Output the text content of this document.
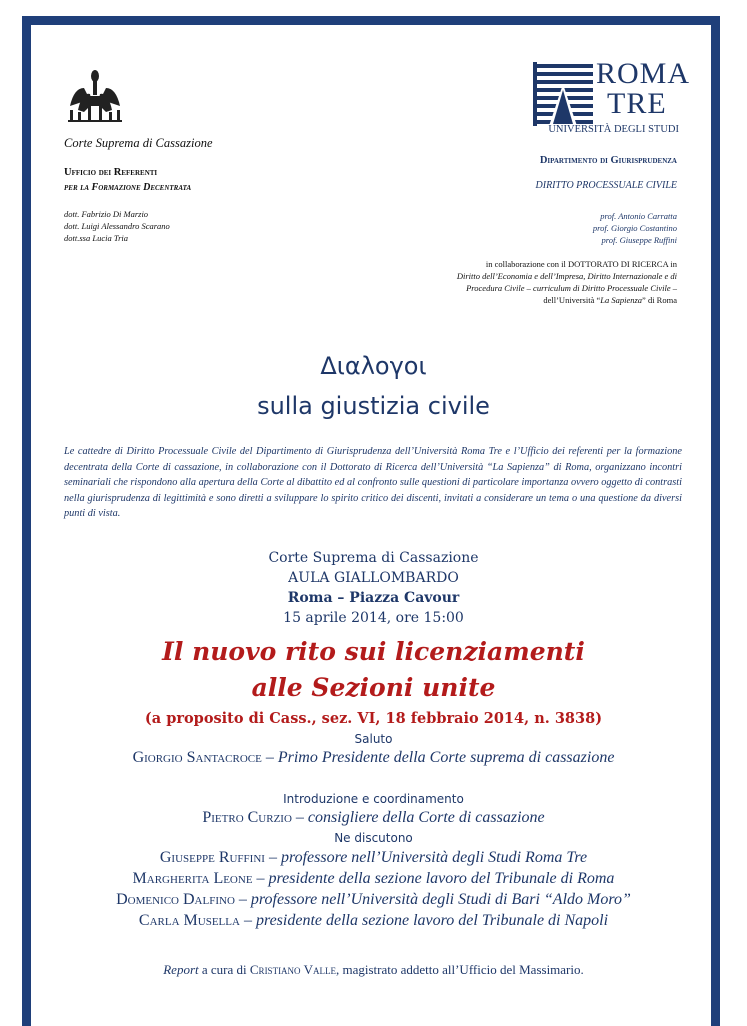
Corte Suprema di Cassazione
Ufficio dei Referenti
per la Formazione Decentrata
dott. Fabrizio Di Marzio
dott. Luigi Alessandro Scarano
dott.ssa Lucia Tria
ROMA
TRE
UNIVERSITÀ DEGLI STUDI
Dipartimento di Giurisprudenza
DIRITTO PROCESSUALE CIVILE
prof. Antonio Carratta
prof. Giorgio Costantino
prof. Giuseppe Ruffini
in collaborazione con il DOTTORATO DI RICERCA in
Diritto dell’Economia e dell’Impresa, Diritto Internazionale e di
Procedura Civile – curriculum di Diritto Processuale Civile –
dell’Università “La Sapienza” di Roma
Διαλογοι
sulla giustizia civile
Le cattedre di Diritto Processuale Civile del Dipartimento di Giurisprudenza dell’Università Roma Tre e l’Ufficio dei referenti per la formazione decentrata della Corte di cassazione, in collaborazione con il Dottorato di Ricerca dell’Università “La Sapienza” di Roma, organizzano incontri seminariali che rispondono alla apertura della Corte al dibattito ed al confronto sulle questioni di particolare importanza ovvero oggetto di contrasti nella giurisprudenza di legittimità e sono diretti a sviluppare lo spirito critico dei discenti, invitati a considerare un tema o una questione da diversi punti di vista.
Corte Suprema di Cassazione
AULA GIALLOMBARDO
Roma – Piazza Cavour
15 aprile 2014, ore 15:00
Il nuovo rito sui licenziamenti
alle Sezioni unite
(a proposito di Cass., sez. VI, 18 febbraio 2014, n. 3838)
Saluto
Giorgio Santacroce – Primo Presidente della Corte suprema di cassazione
Introduzione e coordinamento
Pietro Curzio – consigliere della Corte di cassazione
Ne discutono
Giuseppe Ruffini – professore nell’Università degli Studi Roma Tre
Margherita Leone – presidente della sezione lavoro del Tribunale di Roma
Domenico Dalfino – professore nell’Università degli Studi di Bari “Aldo Moro”
Carla Musella – presidente della sezione lavoro del Tribunale di Napoli
Report a cura di Cristiano Valle, magistrato addetto all’Ufficio del Massimario.
